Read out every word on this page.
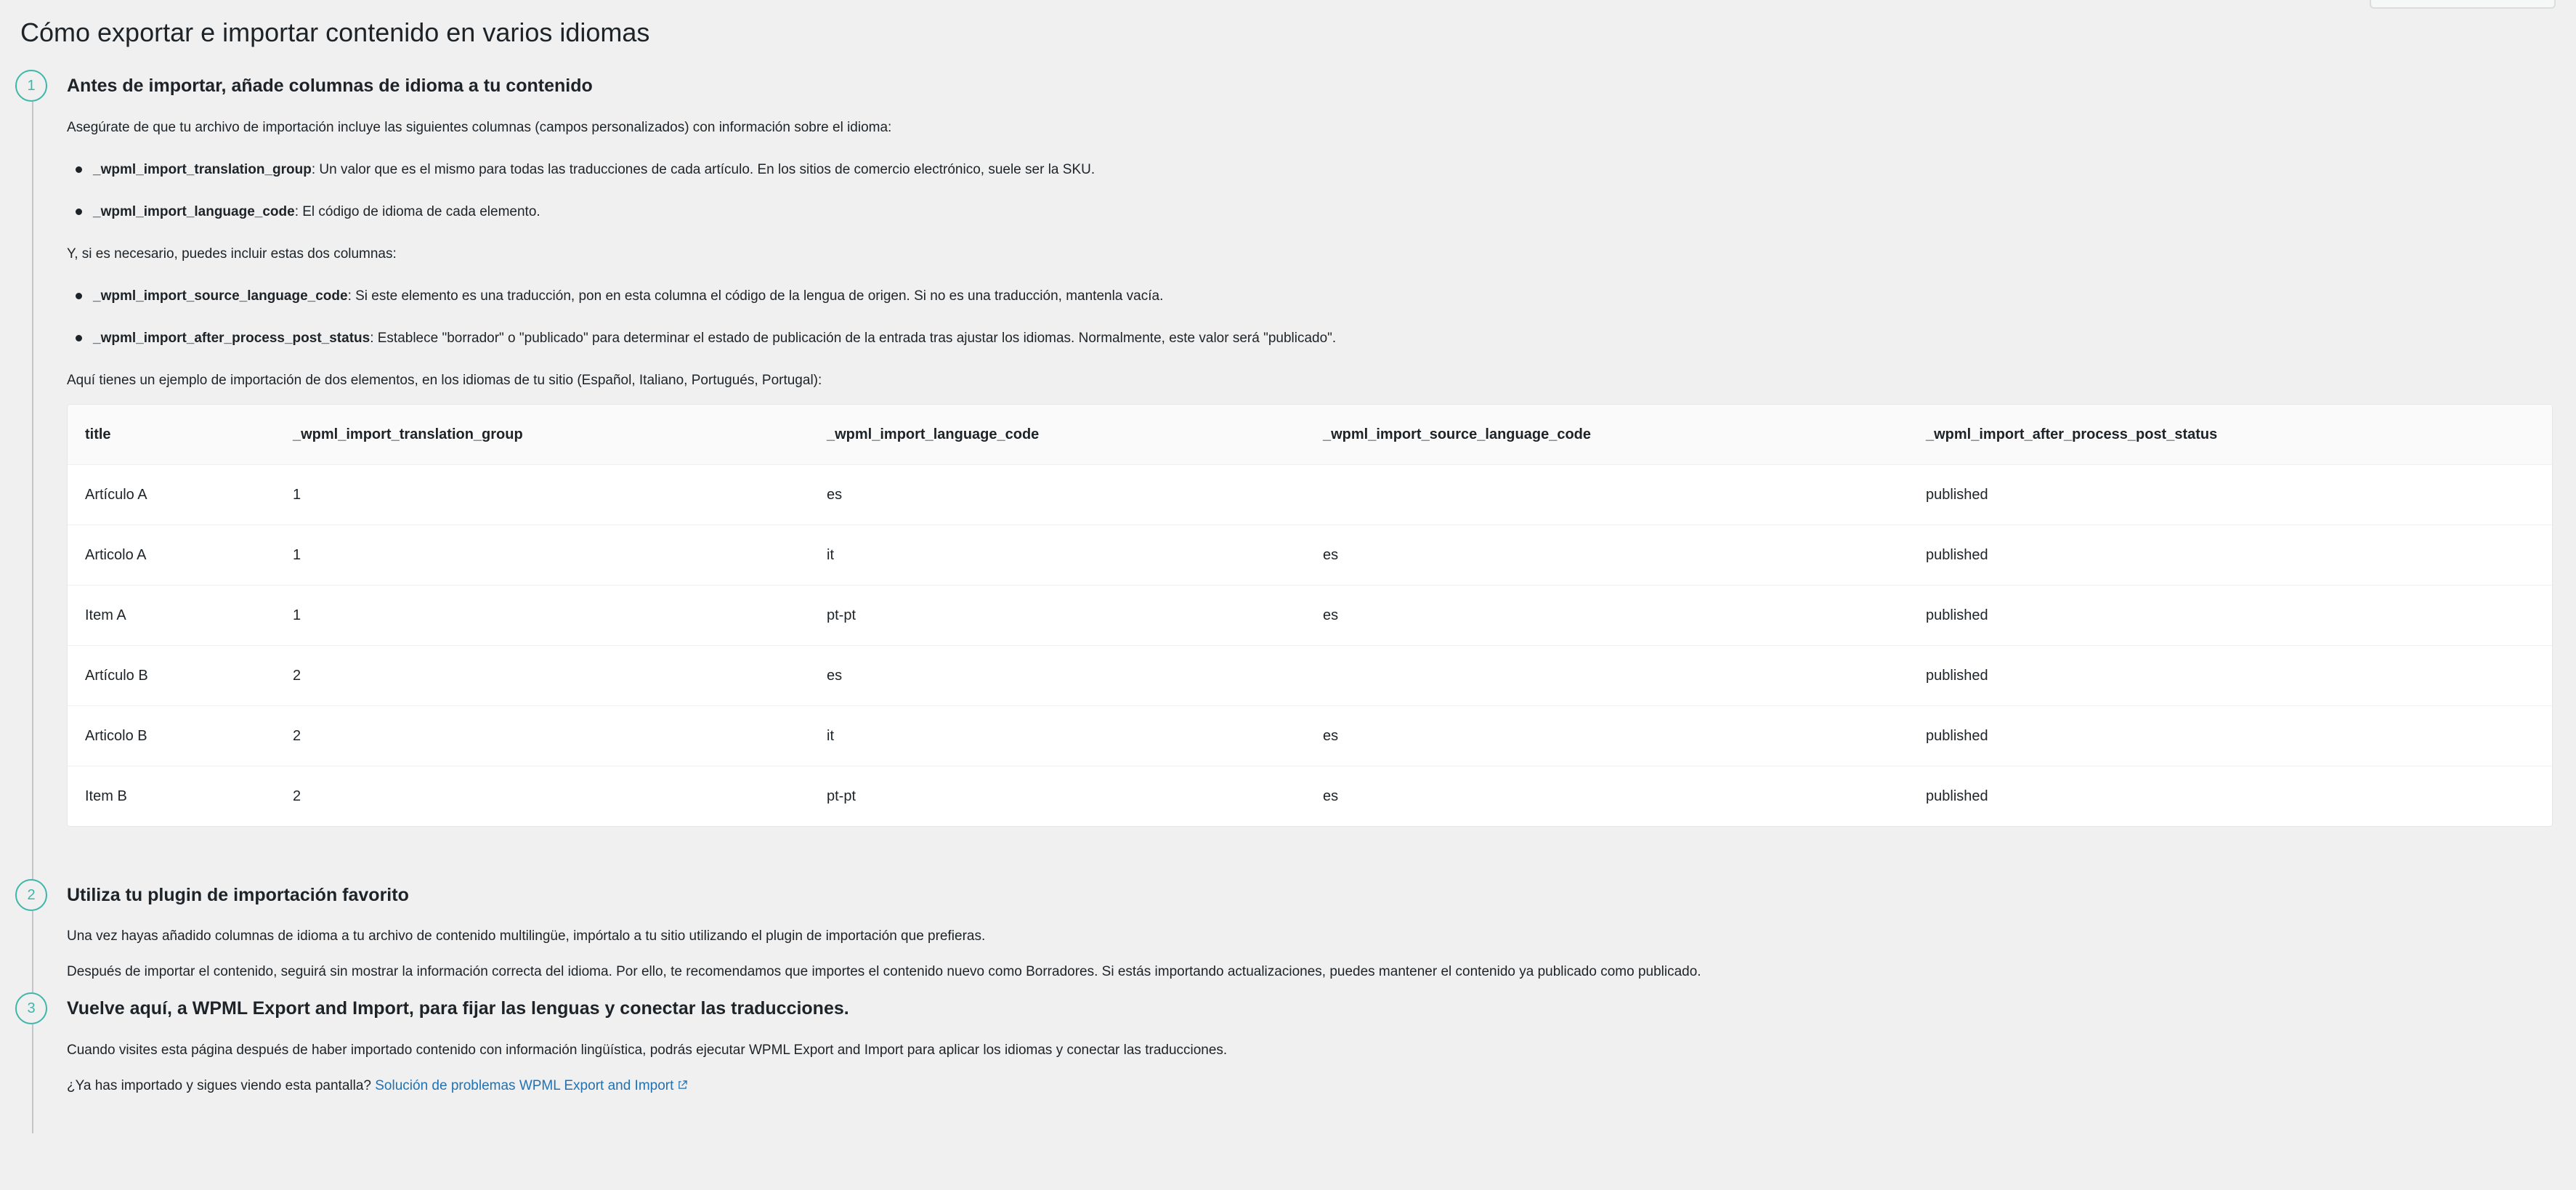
Cómo exportar e importar contenido en varios idiomas
1	Antes de importar, añade columnas de idioma a tu contenido

Asegúrate de que tu archivo de importación incluye las siguientes columnas (campos personalizados) con información sobre el idioma:

_wpml_import_translation_group: Un valor que es el mismo para todas las traducciones de cada artículo. En los sitios de comercio electrónico, suele ser la SKU.

_wpml_import_language_code: El código de idioma de cada elemento.

Y, si es necesario, puedes incluir estas dos columnas:

_wpml_import_source_language_code: Si este elemento es una traducción, pon en esta columna el código de la lengua de origen. Si no es una traducción, mantenla vacía.

_wpml_import_after_process_post_status: Establece "borrador" o "publicado" para determinar el estado de publicación de la entrada tras ajustar los idiomas. Normalmente, este valor será "publicado".

Aquí tienes un ejemplo de importación de dos elementos, en los idiomas de tu sitio (Español, Italiano, Portugués, Portugal):

title	_wpml_import_translation_group	_wpml_import_language_code	_wpml_import_source_language_code	_wpml_import_after_process_post_status
Artículo A	1	es		published
Articolo A	1	it	es	published
Item A	1	pt-pt	es	published
Artículo B	2	es		published
Articolo B	2	it	es	published
Item B	2	pt-pt	es	published
2	Utiliza tu plugin de importación favorito

Una vez hayas añadido columnas de idioma a tu archivo de contenido multilingüe, impórtalo a tu sitio utilizando el plugin de importación que prefieras.

Después de importar el contenido, seguirá sin mostrar la información correcta del idioma. Por ello, te recomendamos que importes el contenido nuevo como Borradores. Si estás importando actualizaciones, puedes mantener el contenido ya publicado como publicado.

3	Vuelve aquí, a WPML Export and Import, para fijar las lenguas y conectar las traducciones.

Cuando visites esta página después de haber importado contenido con información lingüística, podrás ejecutar WPML Export and Import para aplicar los idiomas y conectar las traducciones.

¿Ya has importado y sigues viendo esta pantalla? Solución de problemas WPML Export and Import
